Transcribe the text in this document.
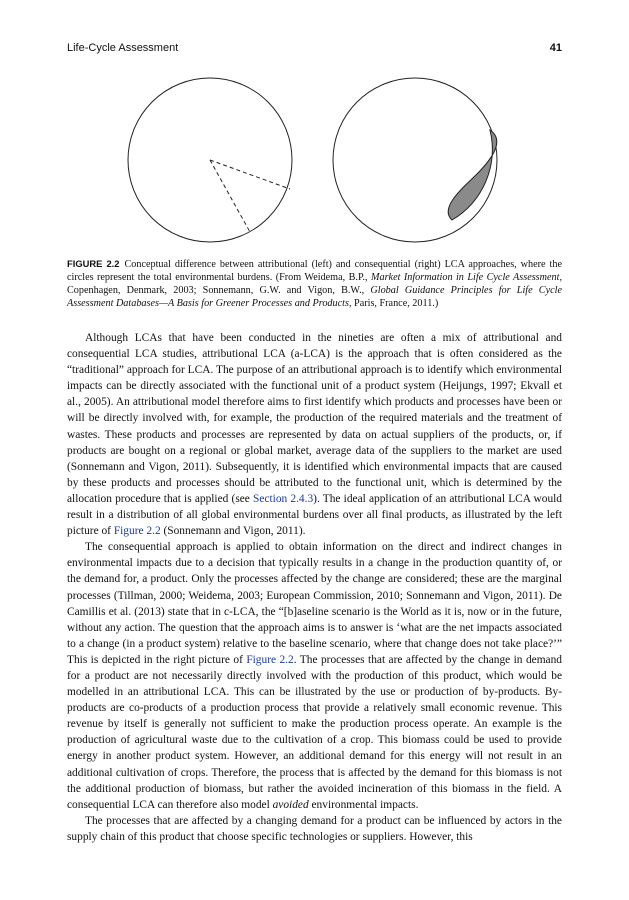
Life-Cycle Assessment	41
FIGURE 2.2 Conceptual difference between attributional (left) and consequential (right) LCA approaches, where the circles represent the total environmental burdens. (From Weidema, B.P., Market Information in Life Cycle Assessment, Copenhagen, Denmark, 2003; Sonnemann, G.W. and Vigon, B.W., Global Guidance Principles for Life Cycle Assessment Databases—A Basis for Greener Processes and Products, Paris, France, 2011.)

Although LCAs that have been conducted in the nineties are often a mix of attributional and consequential LCA studies, attributional LCA (a-LCA) is the approach that is often considered as the “traditional” approach for LCA. The purpose of an attributional approach is to identify which environmental impacts can be directly associated with the functional unit of a product system (Heijungs, 1997; Ekvall et al., 2005). An attributional model therefore aims to first identify which products and processes have been or will be directly involved with, for example, the production of the required materials and the treatment of wastes. These products and processes are represented by data on actual suppliers of the products, or, if products are bought on a regional or global market, average data of the suppliers to the market are used (Sonnemann and Vigon, 2011). Subsequently, it is identified which environmental impacts that are caused by these products and processes should be attributed to the functional unit, which is determined by the allocation procedure that is applied (see Section 2.4.3). The ideal application of an attributional LCA would result in a distribution of all global environmental burdens over all final products, as illustrated by the left picture of Figure 2.2 (Sonnemann and Vigon, 2011).

The consequential approach is applied to obtain information on the direct and indirect changes in environmental impacts due to a decision that typically results in a change in the production quantity of, or the demand for, a product. Only the processes affected by the change are considered; these are the marginal processes (Tillman, 2000; Weidema, 2003; European Commission, 2010; Sonnemann and Vigon, 2011). De Camillis et al. (2013) state that in c-LCA, the “[b]aseline scenario is the World as it is, now or in the future, without any action. The question that the approach aims is to answer is ‘what are the net impacts associated to a change (in a product system) relative to the baseline scenario, where that change does not take place?’” This is depicted in the right picture of Figure 2.2. The processes that are affected by the change in demand for a product are not necessarily directly involved with the production of this product, which would be modelled in an attributional LCA. This can be illustrated by the use or production of by-products. By-products are co-products of a production process that provide a relatively small economic revenue. This revenue by itself is generally not sufficient to make the production process operate. An example is the production of agricultural waste due to the cultivation of a crop. This biomass could be used to provide energy in another product system. However, an additional demand for this energy will not result in an additional cultivation of crops. Therefore, the process that is affected by the demand for this biomass is not the additional production of biomass, but rather the avoided incineration of this biomass in the field. A consequential LCA can therefore also model avoided environmental impacts.

The processes that are affected by a changing demand for a product can be influenced by actors in the supply chain of this product that choose specific technologies or suppliers. However, this
